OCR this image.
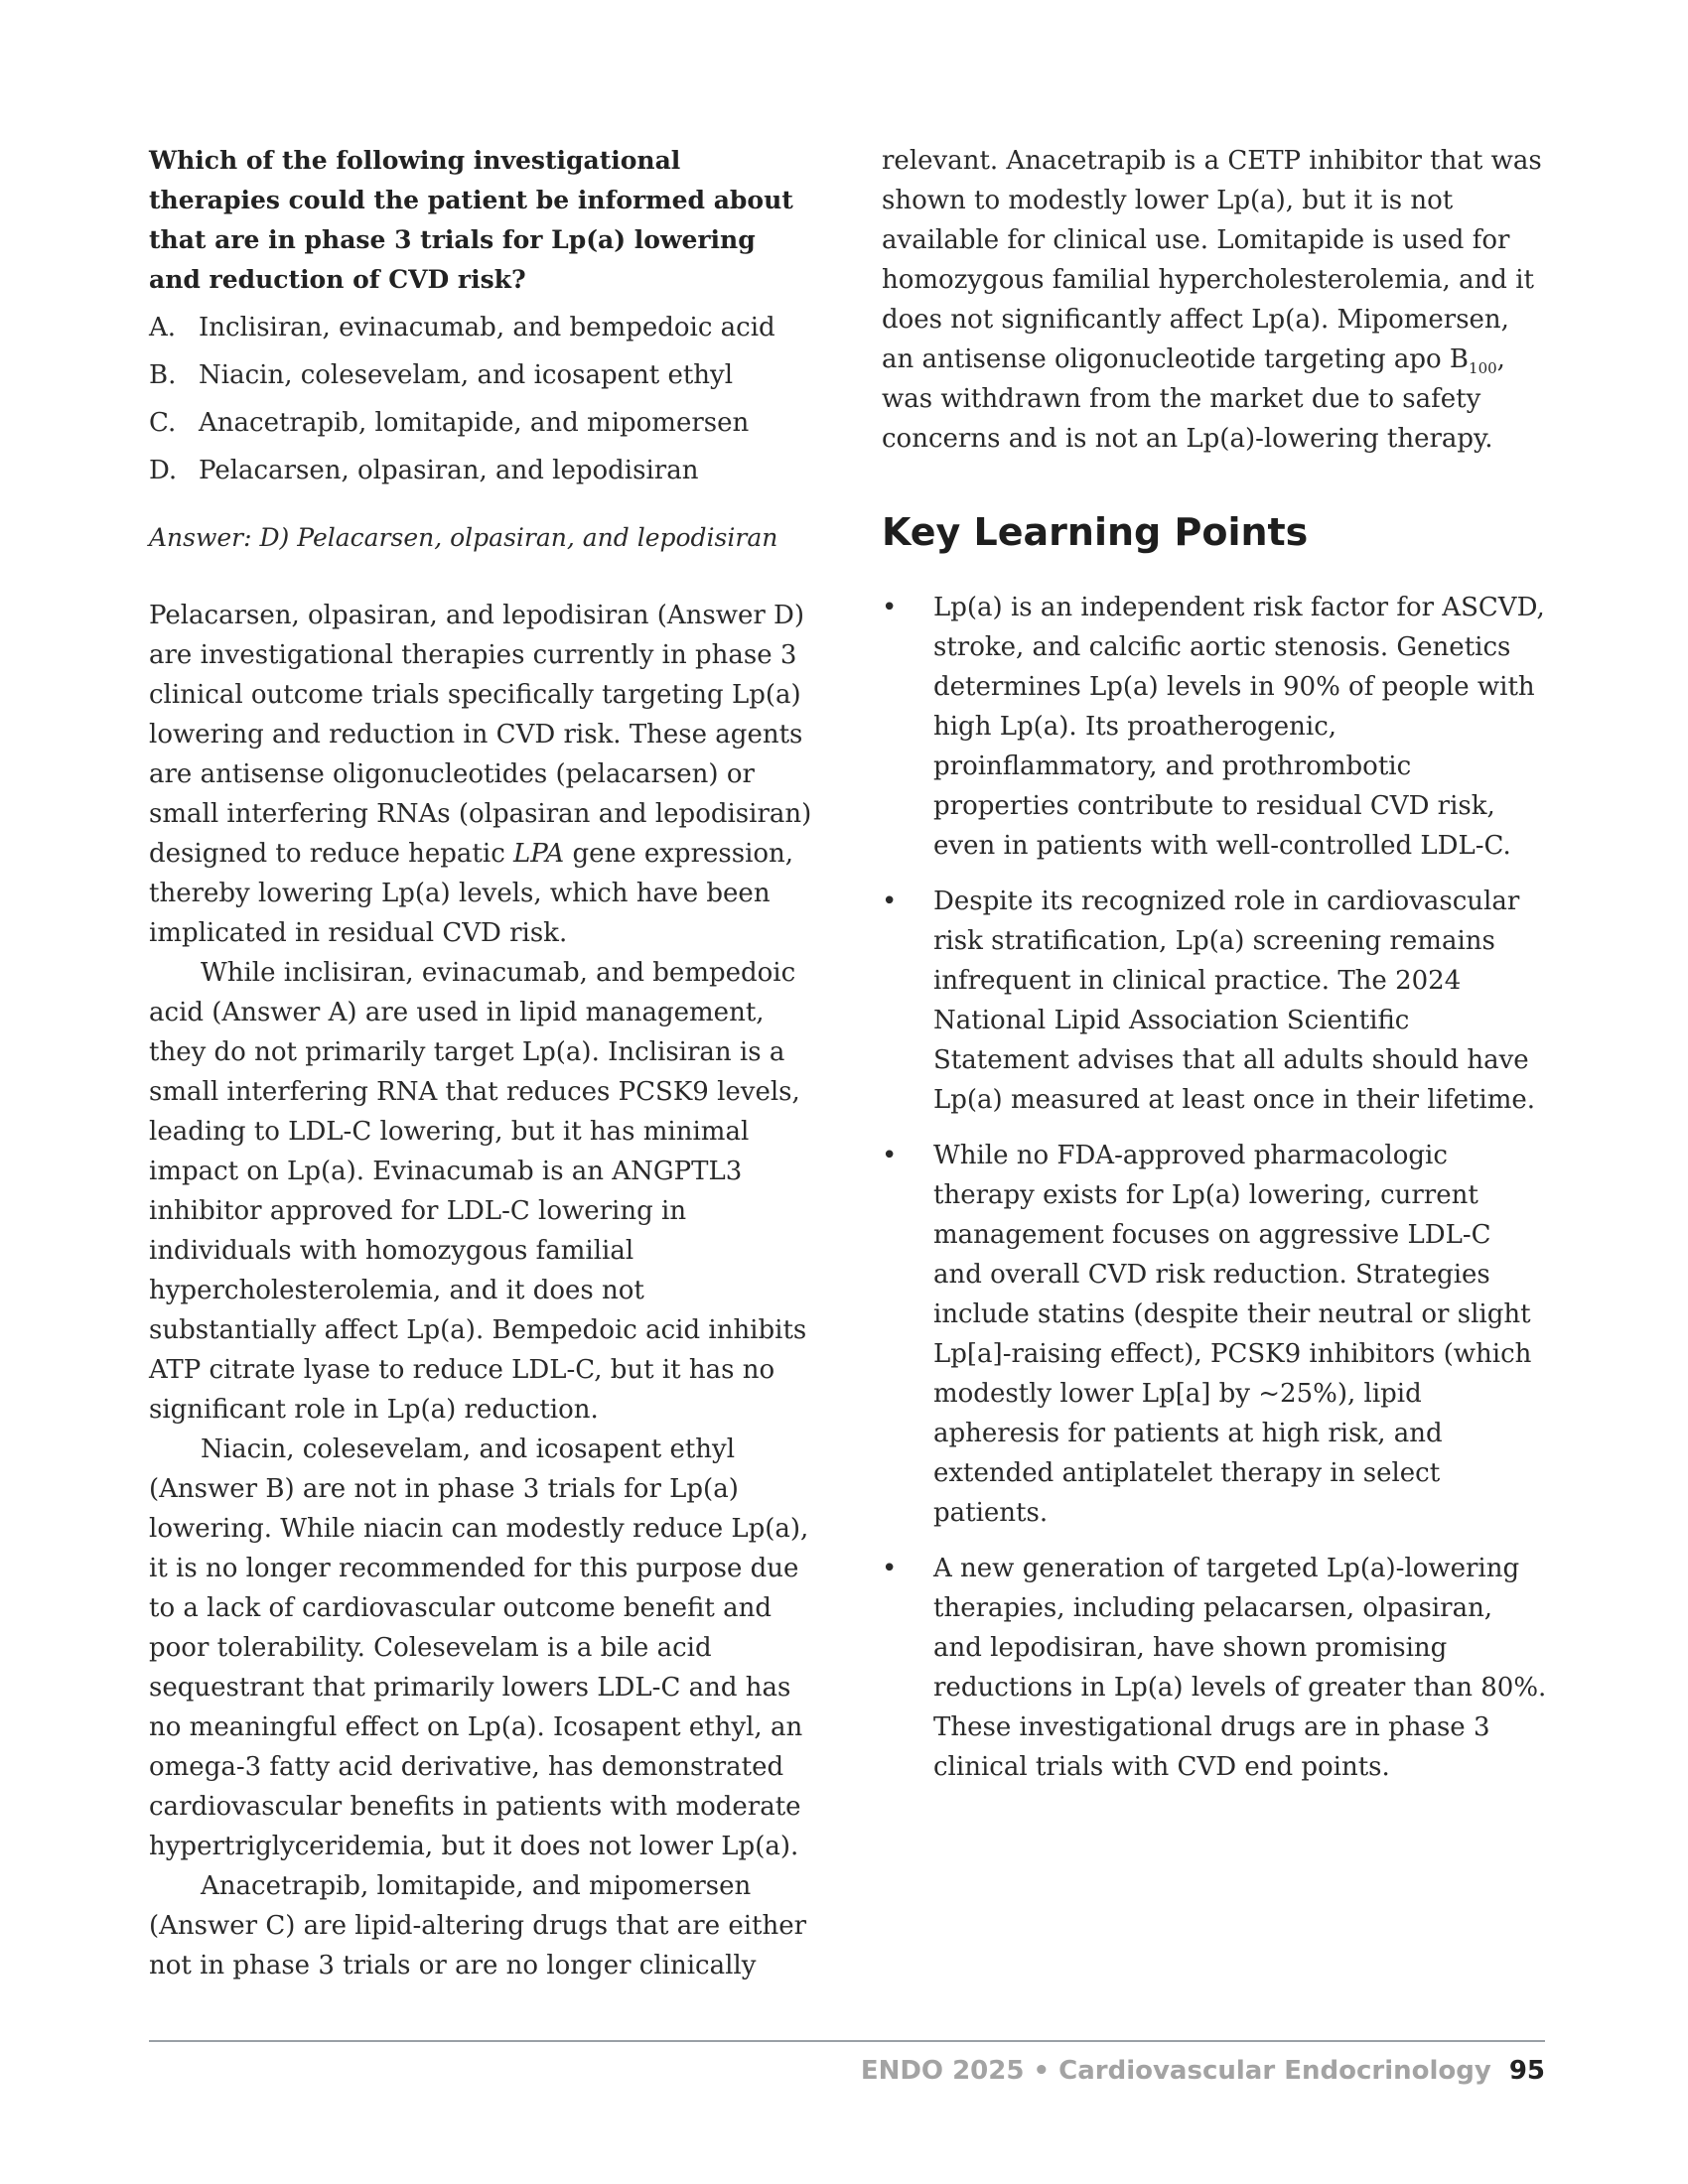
Which of the following investigational therapies could the patient be informed about that are in phase 3 trials for Lp(a) lowering and reduction of CVD risk?

A. Inclisiran, evinacumab, and bempedoic acid
B. Niacin, colesevelam, and icosapent ethyl
C. Anacetrapib, lomitapide, and mipomersen
D. Pelacarsen, olpasiran, and lepodisiran

Answer: D) Pelacarsen, olpasiran, and lepodisiran

Pelacarsen, olpasiran, and lepodisiran (Answer D) are investigational therapies currently in phase 3 clinical outcome trials specifically targeting Lp(a) lowering and reduction in CVD risk. These agents are antisense oligonucleotides (pelacarsen) or small interfering RNAs (olpasiran and lepodisiran) designed to reduce hepatic LPA gene expression, thereby lowering Lp(a) levels, which have been implicated in residual CVD risk.

While inclisiran, evinacumab, and bempedoic acid (Answer A) are used in lipid management, they do not primarily target Lp(a). Inclisiran is a small interfering RNA that reduces PCSK9 levels, leading to LDL-C lowering, but it has minimal impact on Lp(a). Evinacumab is an ANGPTL3 inhibitor approved for LDL-C lowering in individuals with homozygous familial hypercholesterolemia, and it does not substantially affect Lp(a). Bempedoic acid inhibits ATP citrate lyase to reduce LDL-C, but it has no significant role in Lp(a) reduction.

Niacin, colesevelam, and icosapent ethyl (Answer B) are not in phase 3 trials for Lp(a) lowering. While niacin can modestly reduce Lp(a), it is no longer recommended for this purpose due to a lack of cardiovascular outcome benefit and poor tolerability. Colesevelam is a bile acid sequestrant that primarily lowers LDL-C and has no meaningful effect on Lp(a). Icosapent ethyl, an omega-3 fatty acid derivative, has demonstrated cardiovascular benefits in patients with moderate hypertriglyceridemia, but it does not lower Lp(a).

Anacetrapib, lomitapide, and mipomersen (Answer C) are lipid-altering drugs that are either not in phase 3 trials or are no longer clinically

relevant. Anacetrapib is a CETP inhibitor that was shown to modestly lower Lp(a), but it is not available for clinical use. Lomitapide is used for homozygous familial hypercholesterolemia, and it does not significantly affect Lp(a). Mipomersen, an antisense oligonucleotide targeting apo $B_{100}$, was withdrawn from the market due to safety concerns and is not an Lp(a)-lowering therapy.

Key Learning Points
•	Lp(a) is an independent risk factor for ASCVD, stroke, and calcific aortic stenosis. Genetics determines Lp(a) levels in 90% of people with high Lp(a). Its proatherogenic, proinflammatory, and prothrombotic properties contribute to residual CVD risk, even in patients with well-controlled LDL-C.
•	Despite its recognized role in cardiovascular risk stratification, Lp(a) screening remains infrequent in clinical practice. The 2024 National Lipid Association Scientific Statement advises that all adults should have Lp(a) measured at least once in their lifetime.
•	While no FDA-approved pharmacologic therapy exists for Lp(a) lowering, current management focuses on aggressive LDL-C and overall CVD risk reduction. Strategies include statins (despite their neutral or slight Lp[a]-raising effect), PCSK9 inhibitors (which modestly lower Lp[a] by ~25%), lipid apheresis for patients at high risk, and extended antiplatelet therapy in select patients.
•	A new generation of targeted Lp(a)-lowering therapies, including pelacarsen, olpasiran, and lepodisiran, have shown promising reductions in Lp(a) levels of greater than 80%. These investigational drugs are in phase 3 clinical trials with CVD end points.
ENDO 2025 • Cardiovascular Endocrinology 95
